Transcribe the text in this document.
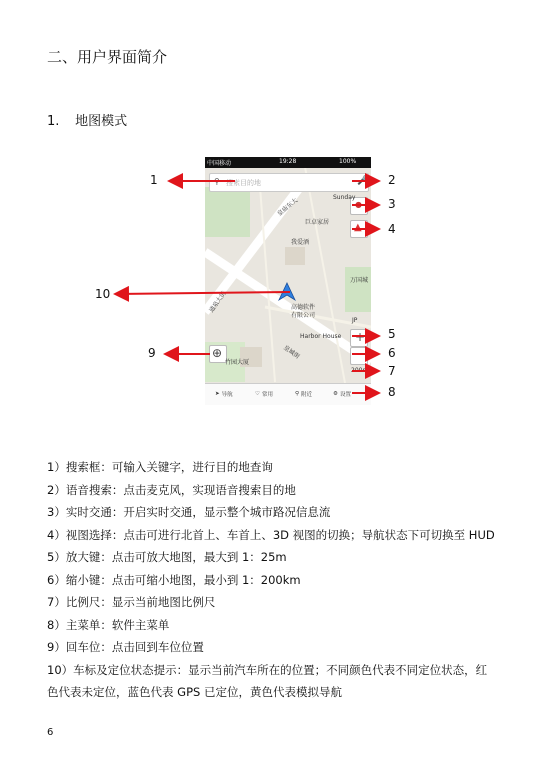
二、用户界面简介
1. 地图模式
中国移动	19:28	100%
⚲ 搜索目的地	🎤
●
▲
+
−
200m
⊕
巨卓家居
我爱酒
高德软件
有限公司
Harbor House
万国城
JP
Sunday
皇庙东大
通泉大街
皇城街
竹园大厦
➤ 导航	♡ 常用	⚲ 附近	⚙ 设置
1	2
3
4
5
6
7
8
9
10
1）搜索框：可输入关键字，进行目的地查询
2）语音搜索：点击麦克风，实现语音搜索目的地
3）实时交通：开启实时交通，显示整个城市路况信息流
4）视图选择：点击可进行北首上、车首上、3D 视图的切换；导航状态下可切换至 HUD
5）放大键：点击可放大地图，最大到 1：25m
6）缩小键：点击可缩小地图，最小到 1：200km
7）比例尺：显示当前地图比例尺
8）主菜单：软件主菜单
9）回车位：点击回到车位位置
10）车标及定位状态提示：显示当前汽车所在的位置；不同颜色代表不同定位状态，红
色代表未定位，蓝色代表 GPS 已定位，黄色代表模拟导航
6
